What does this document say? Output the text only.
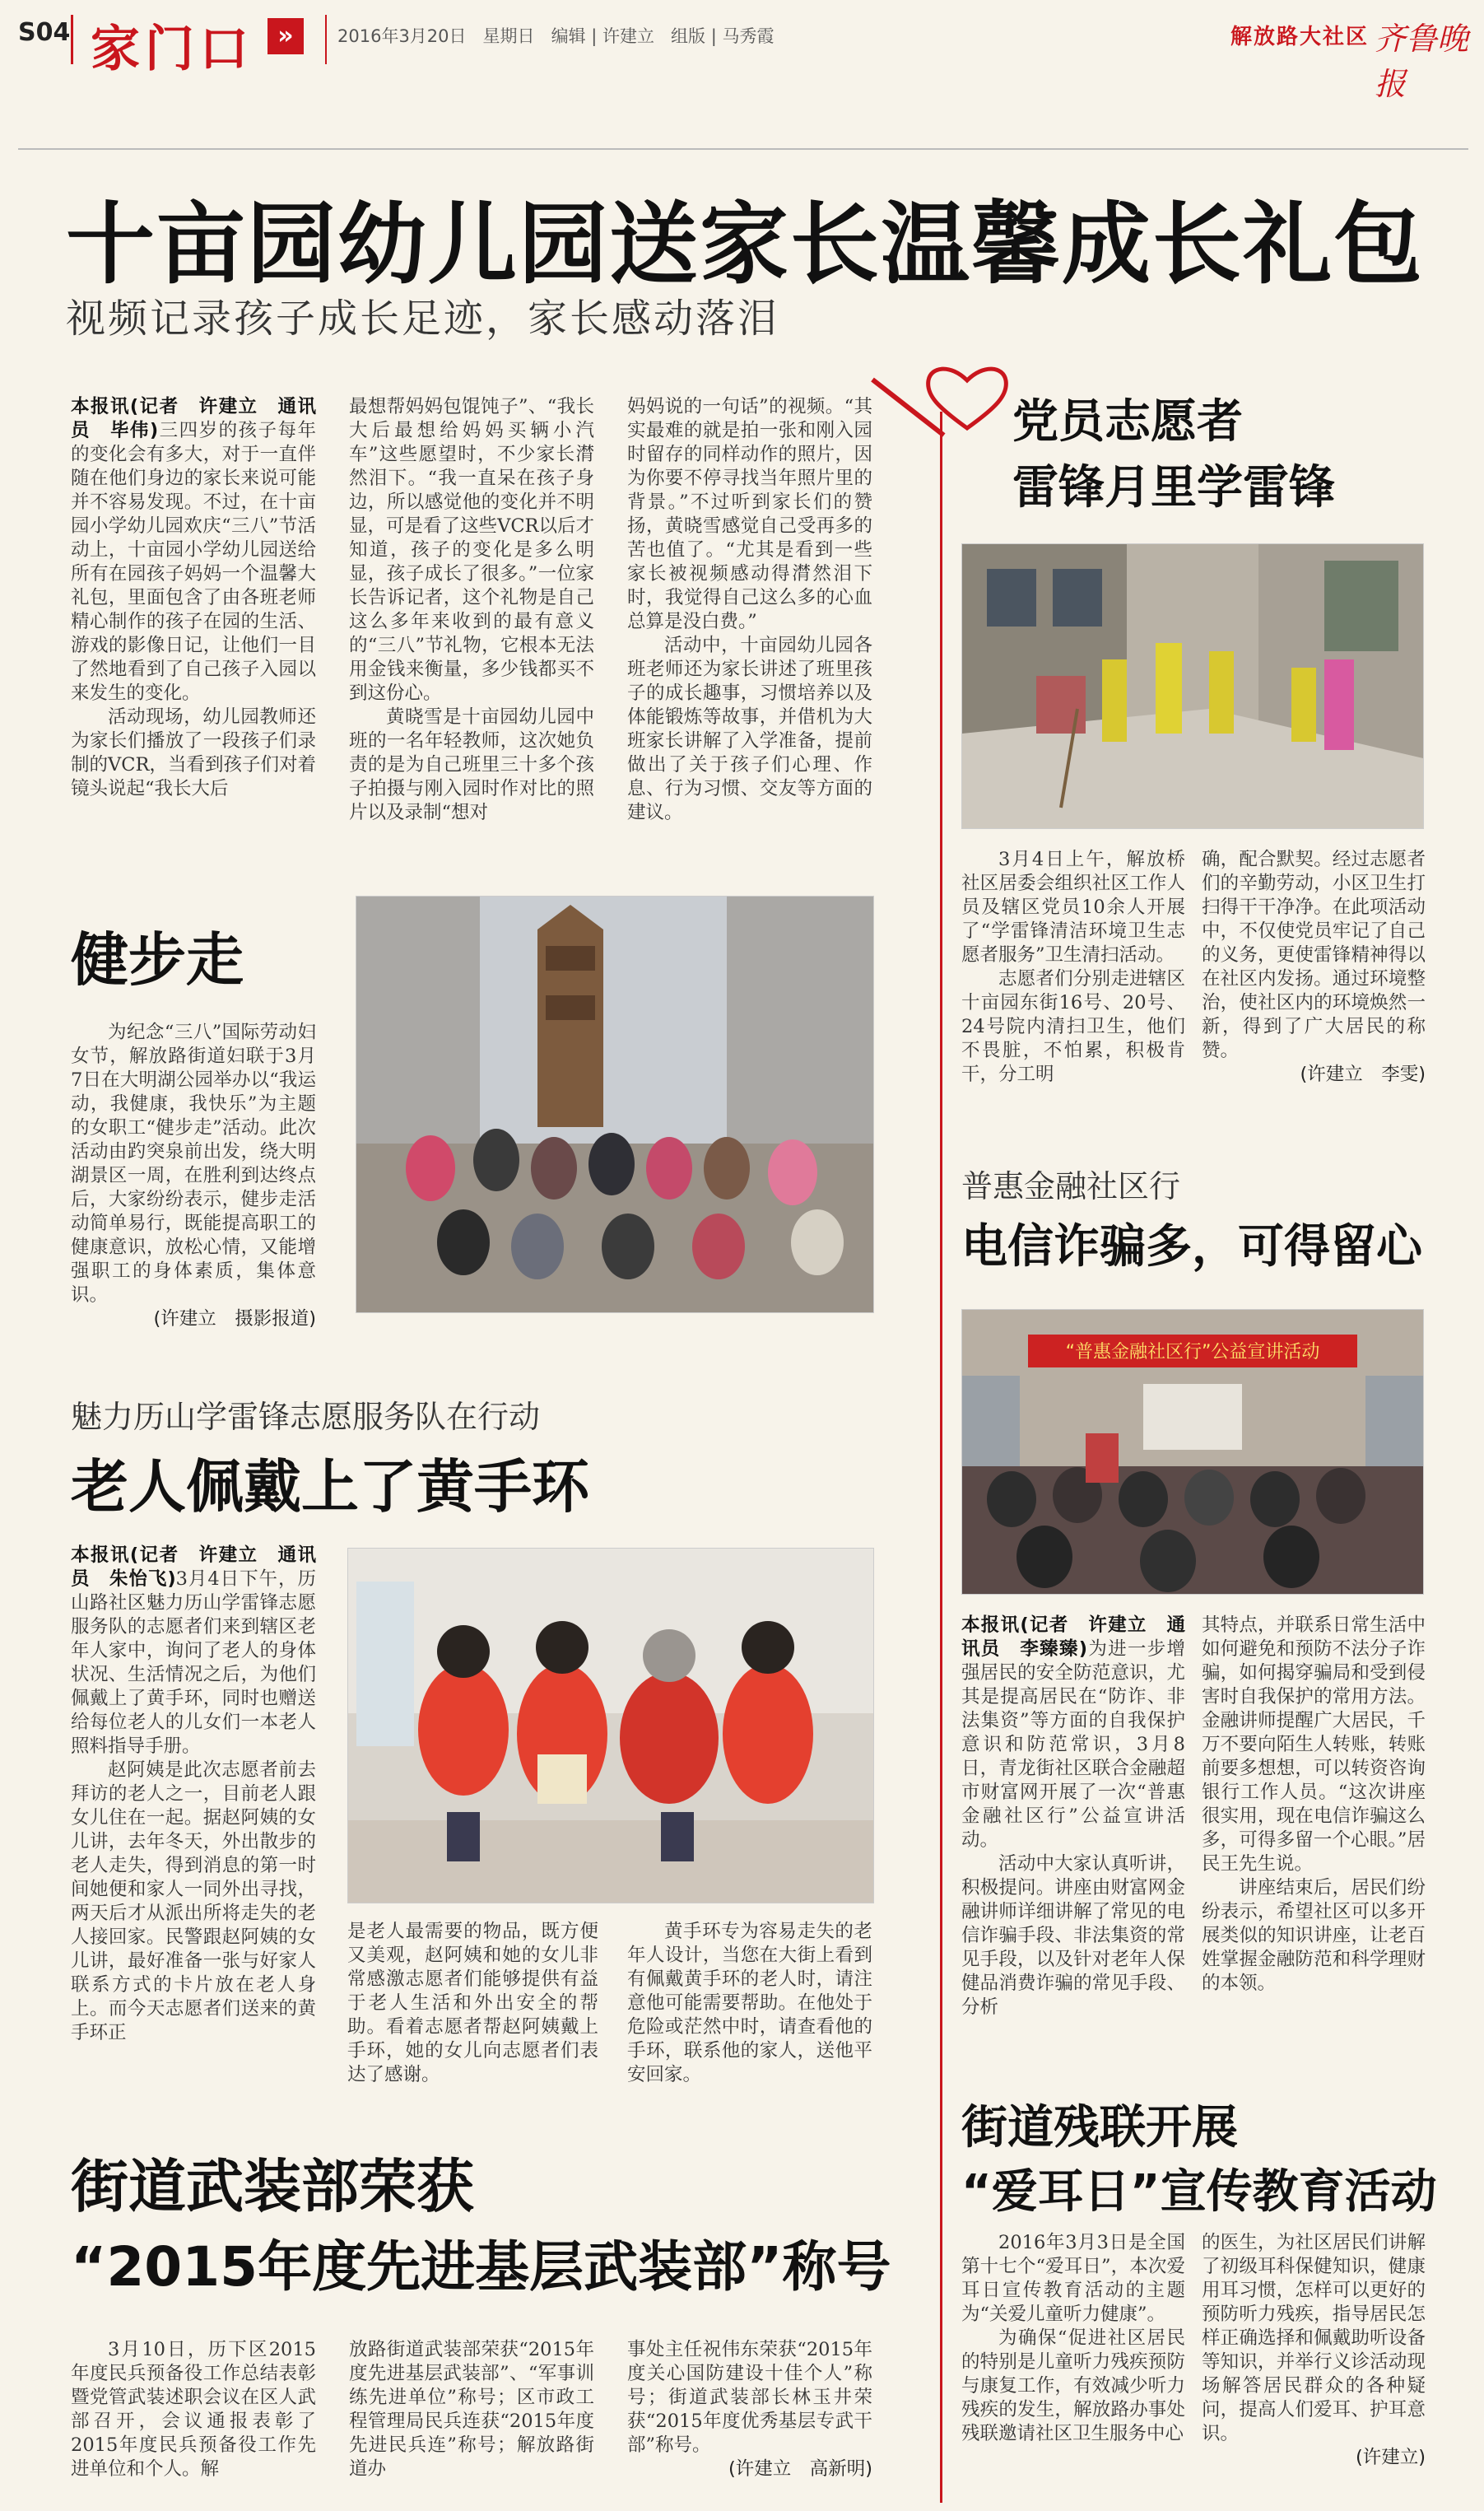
S04 家门口 »	2016年3月20日   星期日   编辑 | 许建立   组版 | 马秀霞	解放路大社区 齐鲁晚报
十亩园幼儿园送家长温馨成长礼包
视频记录孩子成长足迹，家长感动落泪

本报讯(记者　许建立　通讯员　毕伟)三四岁的孩子每年的变化会有多大，对于一直伴随在他们身边的家长来说可能并不容易发现。不过，在十亩园小学幼儿园欢庆“三八”节活动上，十亩园小学幼儿园送给所有在园孩子妈妈一个温馨大礼包，里面包含了由各班老师精心制作的孩子在园的生活、游戏的影像日记，让他们一目了然地看到了自己孩子入园以来发生的变化。

活动现场，幼儿园教师还为家长们播放了一段孩子们录制的VCR，当看到孩子们对着镜头说起“我长大后

最想帮妈妈包馄饨子”、“我长大后最想给妈妈买辆小汽车”这些愿望时，不少家长潸然泪下。“我一直呆在孩子身边，所以感觉他的变化并不明显，可是看了这些VCR以后才知道，孩子的变化是多么明显，孩子成长了很多。”一位家长告诉记者，这个礼物是自己这么多年来收到的最有意义的“三八”节礼物，它根本无法用金钱来衡量，多少钱都买不到这份心。

黄晓雪是十亩园幼儿园中班的一名年轻教师，这次她负责的是为自己班里三十多个孩子拍摄与刚入园时作对比的照片以及录制“想对

妈妈说的一句话”的视频。“其实最难的就是拍一张和刚入园时留存的同样动作的照片，因为你要不停寻找当年照片里的背景。”不过听到家长们的赞扬，黄晓雪感觉自己受再多的苦也值了。“尤其是看到一些家长被视频感动得潸然泪下时，我觉得自己这么多的心血总算是没白费。”

活动中，十亩园幼儿园各班老师还为家长讲述了班里孩子的成长趣事，习惯培养以及体能锻炼等故事，并借机为大班家长讲解了入学准备，提前做出了关于孩子们心理、作息、行为习惯、交友等方面的建议。

党员志愿者
雷锋月里学雷锋

3月4日上午，解放桥社区居委会组织社区工作人员及辖区党员10余人开展了“学雷锋清洁环境卫生志愿者服务”卫生清扫活动。

志愿者们分别走进辖区十亩园东街16号、20号、24号院内清扫卫生，他们不畏脏，不怕累，积极肯干，分工明

确，配合默契。经过志愿者们的辛勤劳动，小区卫生打扫得干干净净。在此项活动中，不仅使党员牢记了自己的义务，更使雷锋精神得以在社区内发扬。通过环境整治，使社区内的环境焕然一新，得到了广大居民的称赞。

(许建立　李雯)

健步走

为纪念“三八”国际劳动妇女节，解放路街道妇联于3月7日在大明湖公园举办以“我运动，我健康，我快乐”为主题的女职工“健步走”活动。此次活动由趵突泉前出发，绕大明湖景区一周，在胜利到达终点后，大家纷纷表示，健步走活动简单易行，既能提高职工的健康意识，放松心情，又能增强职工的身体素质，集体意识。

(许建立　摄影报道)

普惠金融社区行
电信诈骗多，可得留心
“普惠金融社区行”公益宣讲活动

本报讯(记者　许建立　通讯员　李臻臻)为进一步增强居民的安全防范意识，尤其是提高居民在“防诈、非法集资”等方面的自我保护意识和防范常识，3月8日，青龙街社区联合金融超市财富网开展了一次“普惠金融社区行”公益宣讲活动。

活动中大家认真听讲，积极提问。讲座由财富网金融讲师详细讲解了常见的电信诈骗手段、非法集资的常见手段，以及针对老年人保健品消费诈骗的常见手段、分析

其特点，并联系日常生活中如何避免和预防不法分子诈骗，如何揭穿骗局和受到侵害时自我保护的常用方法。金融讲师提醒广大居民，千万不要向陌生人转账，转账前要多想想，可以转资咨询银行工作人员。“这次讲座很实用，现在电信诈骗这么多，可得多留一个心眼。”居民王先生说。

讲座结束后，居民们纷纷表示，希望社区可以多开展类似的知识讲座，让老百姓掌握金融防范和科学理财的本领。

魅力历山学雷锋志愿服务队在行动
老人佩戴上了黄手环

本报讯(记者　许建立　通讯员　朱怡飞)3月4日下午，历山路社区魅力历山学雷锋志愿服务队的志愿者们来到辖区老年人家中，询问了老人的身体状况、生活情况之后，为他们佩戴上了黄手环，同时也赠送给每位老人的儿女们一本老人照料指导手册。

赵阿姨是此次志愿者前去拜访的老人之一，目前老人跟女儿住在一起。据赵阿姨的女儿讲，去年冬天，外出散步的老人走失，得到消息的第一时间她便和家人一同外出寻找，两天后才从派出所将走失的老人接回家。民警跟赵阿姨的女儿讲，最好准备一张与好家人联系方式的卡片放在老人身上。而今天志愿者们送来的黄手环正

是老人最需要的物品，既方便又美观，赵阿姨和她的女儿非常感激志愿者们能够提供有益于老人生活和外出安全的帮助。看着志愿者帮赵阿姨戴上手环，她的女儿向志愿者们表达了感谢。

黄手环专为容易走失的老年人设计，当您在大街上看到有佩戴黄手环的老人时，请注意他可能需要帮助。在他处于危险或茫然中时，请查看他的手环，联系他的家人，送他平安回家。

街道残联开展
“爱耳日”宣传教育活动

2016年3月3日是全国第十七个“爱耳日”，本次爱耳日宣传教育活动的主题为“关爱儿童听力健康”。

为确保“促进社区居民的特别是儿童听力残疾预防与康复工作，有效减少听力残疾的发生，解放路办事处残联邀请社区卫生服务中心

的医生，为社区居民们讲解了初级耳科保健知识，健康用耳习惯，怎样可以更好的预防听力残疾，指导居民怎样正确选择和佩戴助听设备等知识，并举行义诊活动现场解答居民群众的各种疑问，提高人们爱耳、护耳意识。

(许建立)

街道武装部荣获
“2015年度先进基层武装部”称号

3月10日，历下区2015年度民兵预备役工作总结表彰暨党管武装述职会议在区人武部召开，会议通报表彰了2015年度民兵预备役工作先进单位和个人。解

放路街道武装部荣获“2015年度先进基层武装部”、“军事训练先进单位”称号；区市政工程管理局民兵连获“2015年度先进民兵连”称号；解放路街道办

事处主任祝伟东荣获“2015年度关心国防建设十佳个人”称号；街道武装部长林玉井荣获“2015年度优秀基层专武干部”称号。

(许建立　高新明)
